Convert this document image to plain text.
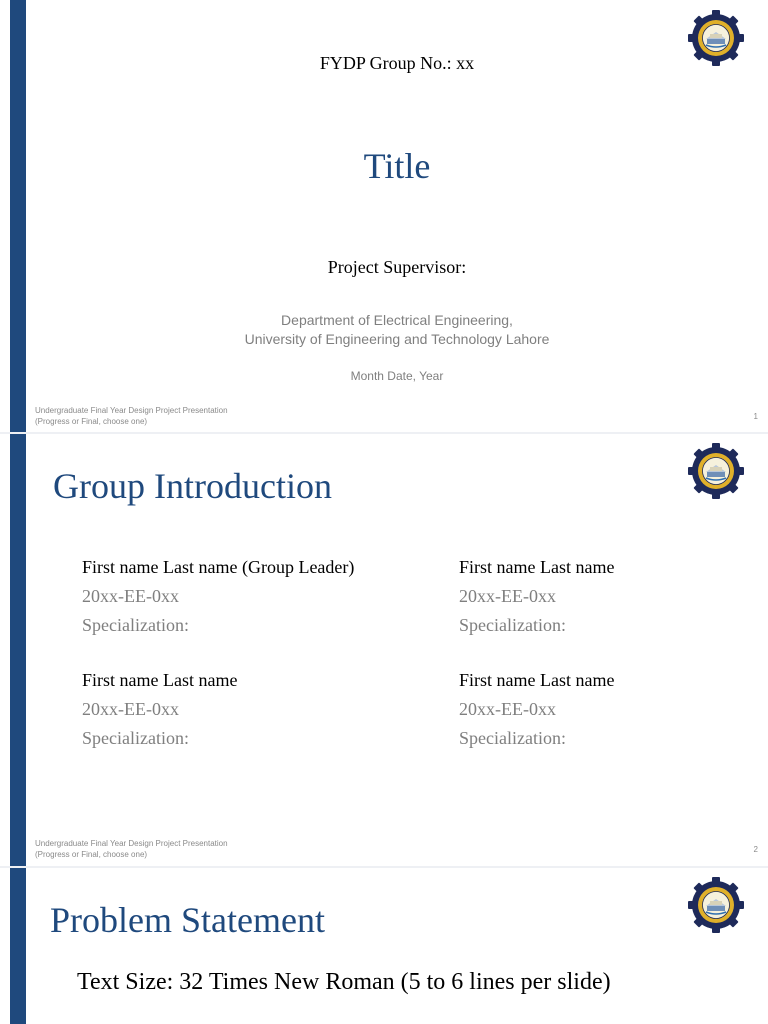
FYDP Group No.: xx
Title
Project Supervisor:
Department of Electrical Engineering,
University of Engineering and Technology Lahore
Month Date, Year
Undergraduate Final Year Design Project Presentation
(Progress or Final, choose one)
1
Group Introduction
First name Last name (Group Leader)
20xx-EE-0xx
Specialization:
First name Last name
20xx-EE-0xx
Specialization:
First name Last name
20xx-EE-0xx
Specialization:
First name Last name
20xx-EE-0xx
Specialization:
Undergraduate Final Year Design Project Presentation
(Progress or Final, choose one)
2
Problem Statement
Text Size: 32 Times New Roman (5 to 6 lines per slide)
